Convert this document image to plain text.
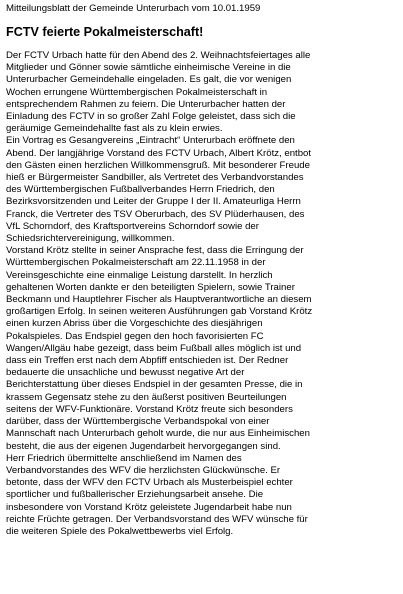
Mitteilungsblatt der Gemeinde Unterurbach vom 10.01.1959
FCTV feierte Pokalmeisterschaft!
Der FCTV Urbach hatte für den Abend des 2. Weihnachtsfeiertages alle
Mitglieder und Gönner sowie sämtliche einheimische Vereine in die
Unterurbacher Gemeindehalle eingeladen. Es galt, die vor wenigen
Wochen errungene Württembergischen Pokalmeisterschaft in
entsprechendem Rahmen zu feiern. Die Unterurbacher hatten der
Einladung des FCTV in so großer Zahl Folge geleistet, dass sich die
geräumige Gemeindehallte fast als zu klein erwies.
Ein Vortrag es Gesangvereins „Eintracht“ Unterurbach eröffnete den
Abend. Der langjährige Vorstand des FCTV Urbach, Albert Krötz, entbot
den Gästen einen herzlichen Willkommensgruß. Mit besonderer Freude
hieß er Bürgermeister Sandbiller, als Vertretet des Verbandvorstandes
des Württembergischen Fußballverbandes Herrn Friedrich, den
Bezirksvorsitzenden und Leiter der Gruppe I der II. Amateurliga Herrn
Franck, die Vertreter des TSV Oberurbach, des SV Plüderhausen, des
VfL Schorndorf, des Kraftsportvereins Schorndorf sowie der
Schiedsrichtervereinigung, willkommen.
Vorstand Krötz stellte in seiner Ansprache fest, dass die Erringung der
Württembergischen Pokalmeisterschaft am 22.11.1958 in der
Vereinsgeschichte eine einmalige Leistung darstellt. In herzlich
gehaltenen Worten dankte er den beteiligten Spielern, sowie Trainer
Beckmann und Hauptlehrer Fischer als Hauptverantwortliche an diesem
großartigen Erfolg. In seinen weiteren Ausführungen gab Vorstand Krötz
einen kurzen Abriss über die Vorgeschichte des diesjährigen
Pokalspieles. Das Endspiel gegen den hoch favorisierten FC
Wangen/Allgäu habe gezeigt, dass beim Fußball alles möglich ist und
dass ein Treffen erst nach dem Abpfiff entschieden ist. Der Redner
bedauerte die unsachliche und bewusst negative Art der
Berichterstattung über dieses Endspiel in der gesamten Presse, die in
krassem Gegensatz stehe zu den äußerst positiven Beurteilungen
seitens der WFV-Funktionäre. Vorstand Krötz freute sich besonders
darüber, dass der Württembergische Verbandspokal von einer
Mannschaft nach Unterurbach geholt wurde, die nur aus Einheimischen
besteht, die aus der eigenen Jugendarbeit hervorgegangen sind.
Herr Friedrich übermittelte anschließend im Namen des
Verbandvorstandes des WFV die herzlichsten Glückwünsche. Er
betonte, dass der WFV den FCTV Urbach als Musterbeispiel echter
sportlicher und fußballerischer Erziehungsarbeit ansehe. Die
insbesondere von Vorstand Krötz geleistete Jugendarbeit habe nun
reichte Früchte getragen. Der Verbandsvorstand des WFV wünsche für
die weiteren Spiele des Pokalwettbewerbs viel Erfolg.
